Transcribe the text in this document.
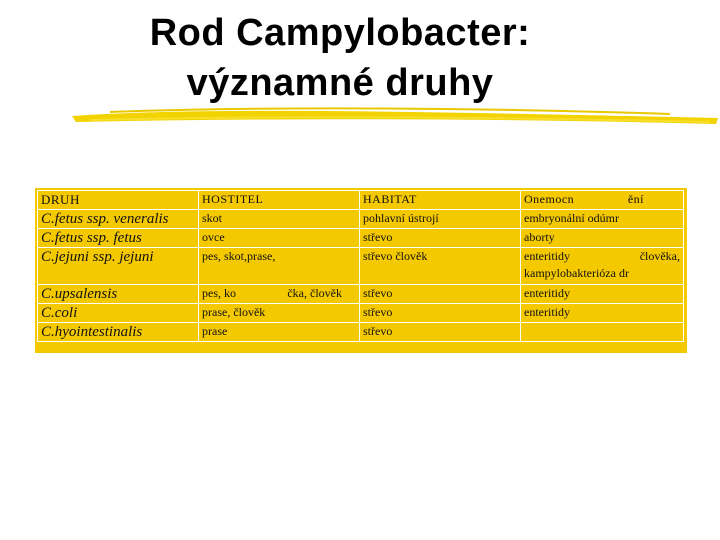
Rod Campylobacter:
významné druhy
DRUH	HOSTITEL	HABITAT	Onemocn ění

C.fetus ssp. veneralis	skot	pohlavní ústrojí	embryonální odúmr
C.fetus ssp. fetus	ovce	střevo	aborty
C.jejuni ssp. jejuni	pes, skot,prase,	střevo člověk	enteritidy člověka,
kampylobakterióza dr

C.upsalensis	pes, ko čka, člověk	střevo	enteritidy
C.coli	prase, člověk	střevo	enteritidy
C.hyointestinalis	prase	střevo	
